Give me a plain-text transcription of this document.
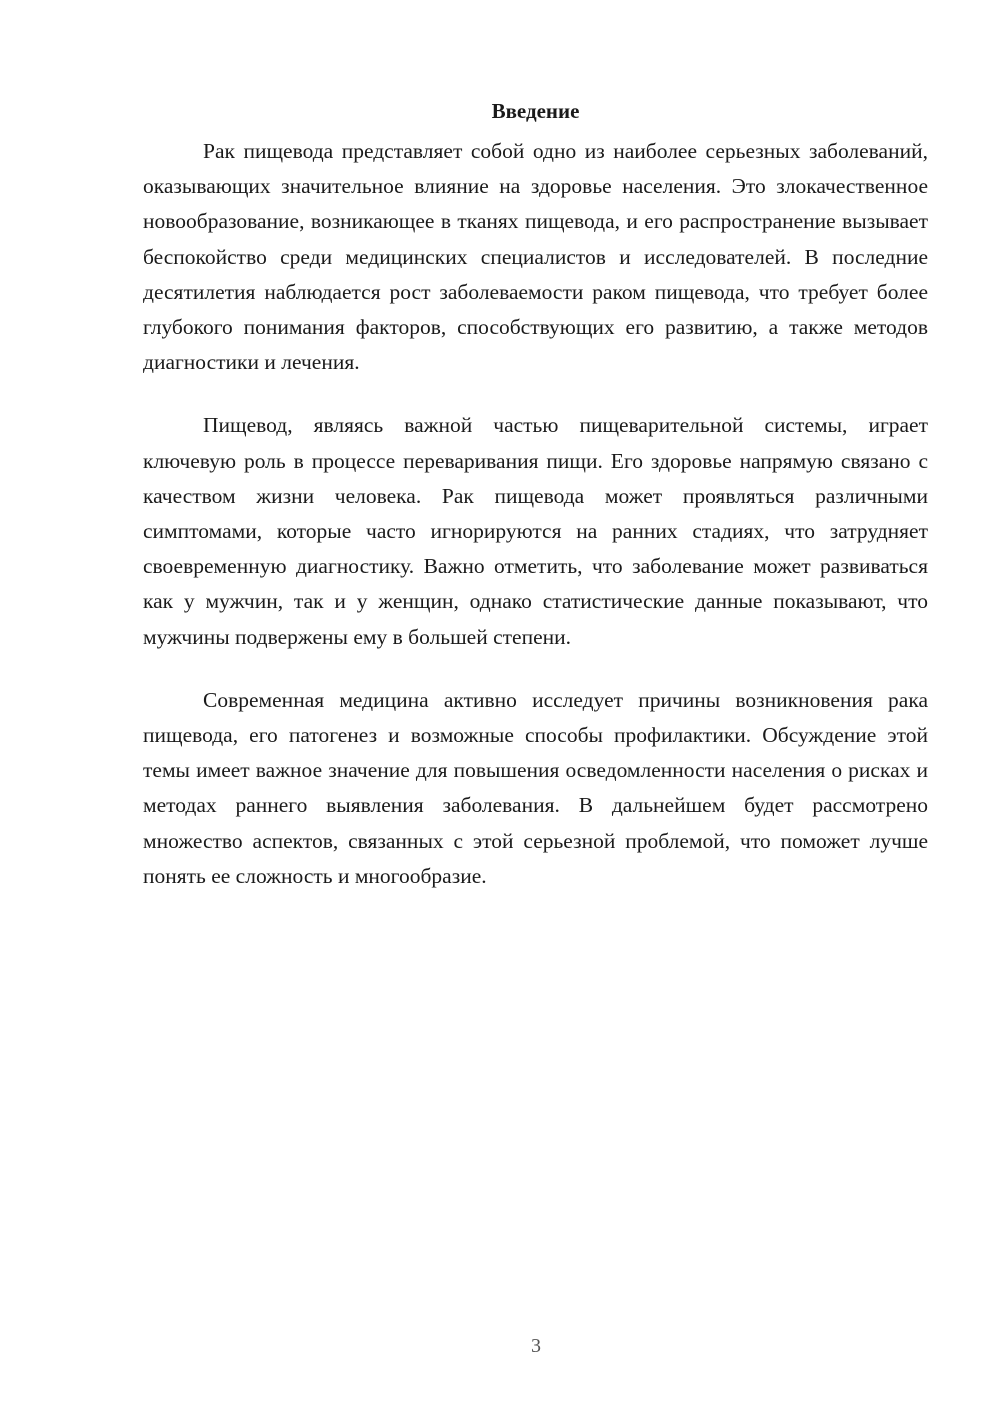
Введение

Рак пищевода представляет собой одно из наиболее серьезных заболеваний, оказывающих значительное влияние на здоровье населения. Это злокачественное новообразование, возникающее в тканях пищевода, и его распространение вызывает беспокойство среди медицинских специалистов и исследователей. В последние десятилетия наблюдается рост заболеваемости раком пищевода, что требует более глубокого понимания факторов, способствующих его развитию, а также методов диагностики и лечения.

Пищевод, являясь важной частью пищеварительной системы, играет ключевую роль в процессе переваривания пищи. Его здоровье напрямую связано с качеством жизни человека. Рак пищевода может проявляться различными симптомами, которые часто игнорируются на ранних стадиях, что затрудняет своевременную диагностику. Важно отметить, что заболевание может развиваться как у мужчин, так и у женщин, однако статистические данные показывают, что мужчины подвержены ему в большей степени.

Современная медицина активно исследует причины возникновения рака пищевода, его патогенез и возможные способы профилактики. Обсуждение этой темы имеет важное значение для повышения осведомленности населения о рисках и методах раннего выявления заболевания. В дальнейшем будет рассмотрено множество аспектов, связанных с этой серьезной проблемой, что поможет лучше понять ее сложность и многообразие.

3
